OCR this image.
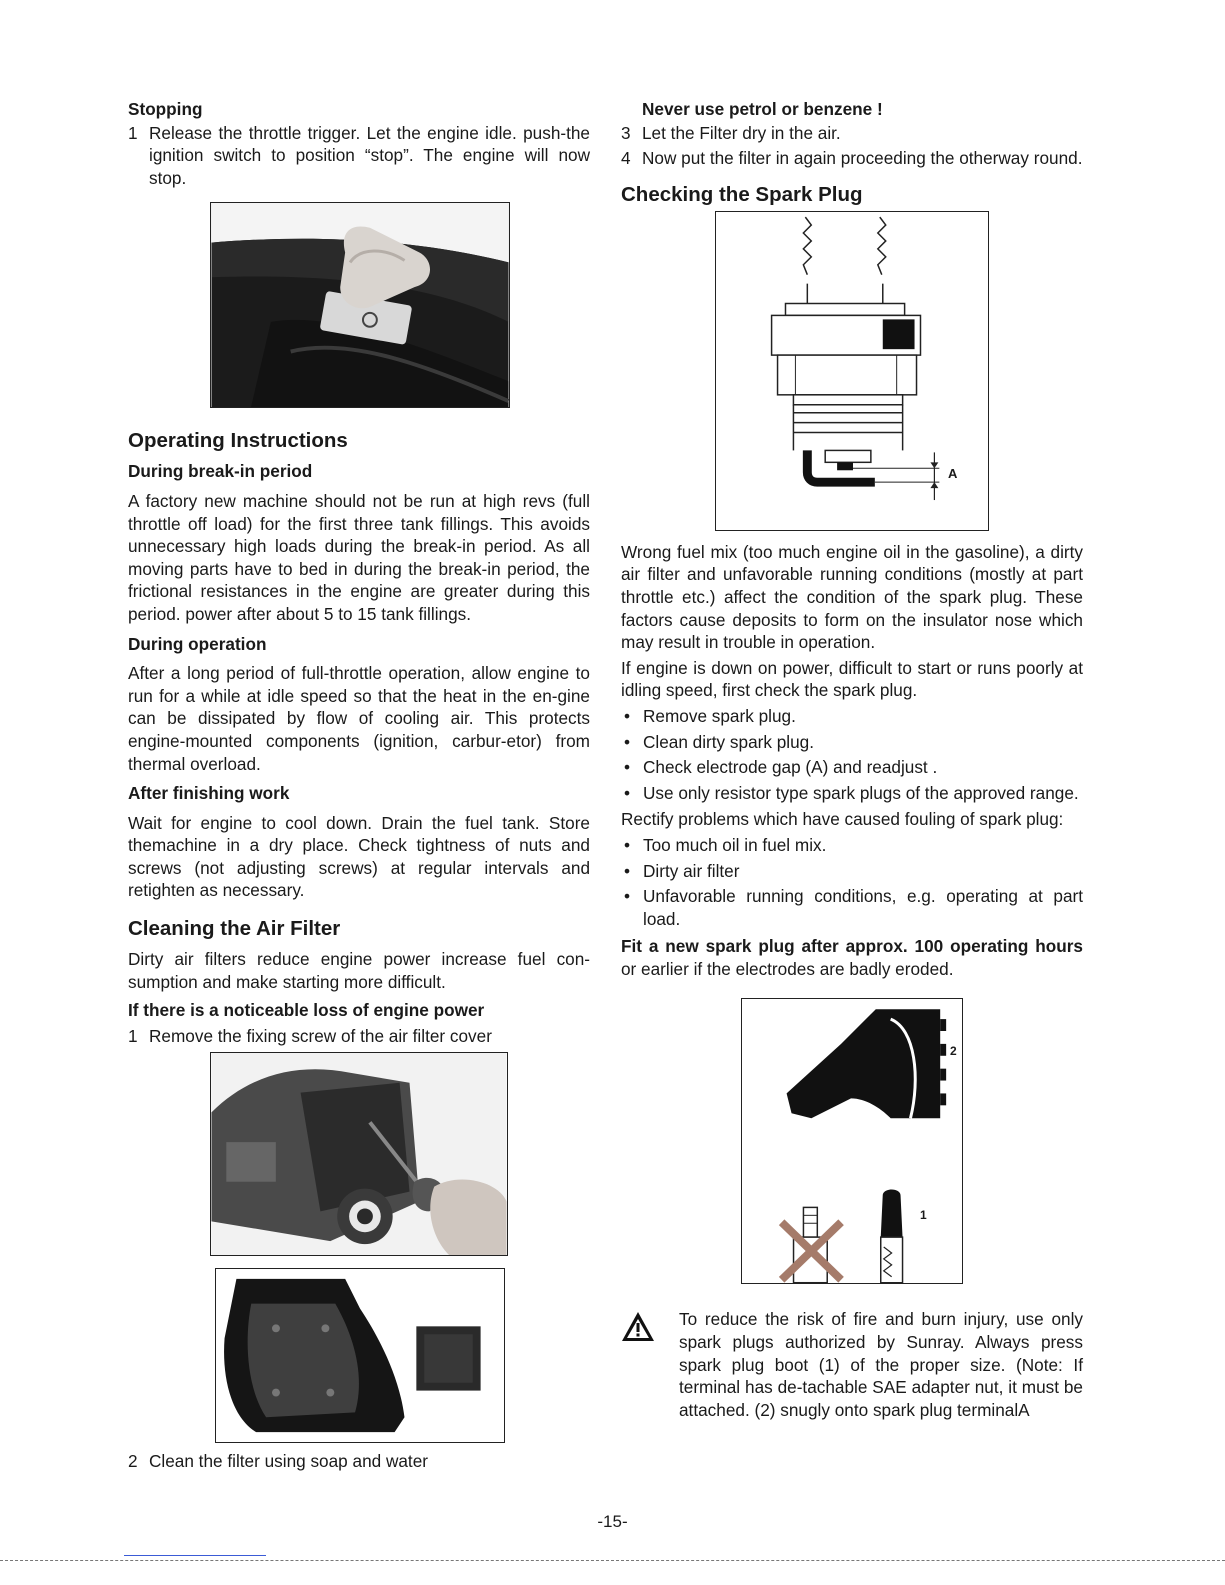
Stopping
1 Release the throttle trigger. Let the engine idle. push-the ignition switch to position “stop”. The engine will now stop.
Operating Instructions
During break-in period

A factory new machine should not be run at high revs (full throttle off load) for the first three tank fillings. This avoids unnecessary high loads during the break-in period. As all moving parts have to bed in during the break-in period, the frictional resistances in the engine are greater during this period. power after about 5 to 15 tank fillings.

During operation

After a long period of full-throttle operation, allow engine to run for a while at idle speed so that the heat in the en-gine can be dissipated by flow of cooling air. This protects engine-mounted components (ignition, carbur-etor) from thermal overload.

After finishing work

Wait for engine to cool down. Drain the fuel tank. Store themachine in a dry place. Check tightness of nuts and screws (not adjusting screws) at regular intervals and retighten as necessary.

Cleaning the Air Filter

Dirty air filters reduce engine power increase fuel con-sumption and make starting more difficult.

If there is a noticeable loss of engine power
1 Remove the fixing screw of the air filter cover
2 Clean the filter using soap and water
Never use petrol or benzene !
3 Let the Filter dry in the air.
4 Now put the filter in again proceeding the otherway round.
Checking the Spark Plug
A

Wrong fuel mix (too much engine oil in the gasoline), a dirty air filter and unfavorable running conditions (mostly at part throttle etc.) affect the condition of the spark plug. These factors cause deposits to form on the insulator nose which may result in trouble in operation.

If engine is down on power, difficult to start or runs poorly at idling speed, first check the spark plug.

• Remove spark plug.
• Clean dirty spark plug.
• Check electrode gap (A) and readjust .
• Use only resistor type spark plugs of the approved range.

Rectify problems which have caused fouling of spark plug:

• Too much oil in fuel mix.
• Dirty air filter
• Unfavorable running conditions, e.g. operating at part load.

Fit a new spark plug after approx. 100 operating hours or earlier if the electrodes are badly eroded.

1
2

To reduce the risk of fire and burn injury, use only spark plugs authorized by Sunray. Always press spark plug boot (1) of the proper size. (Note: If terminal has de-tachable SAE adapter nut, it must be attached. (2) snugly onto spark plug terminalA

-15-
